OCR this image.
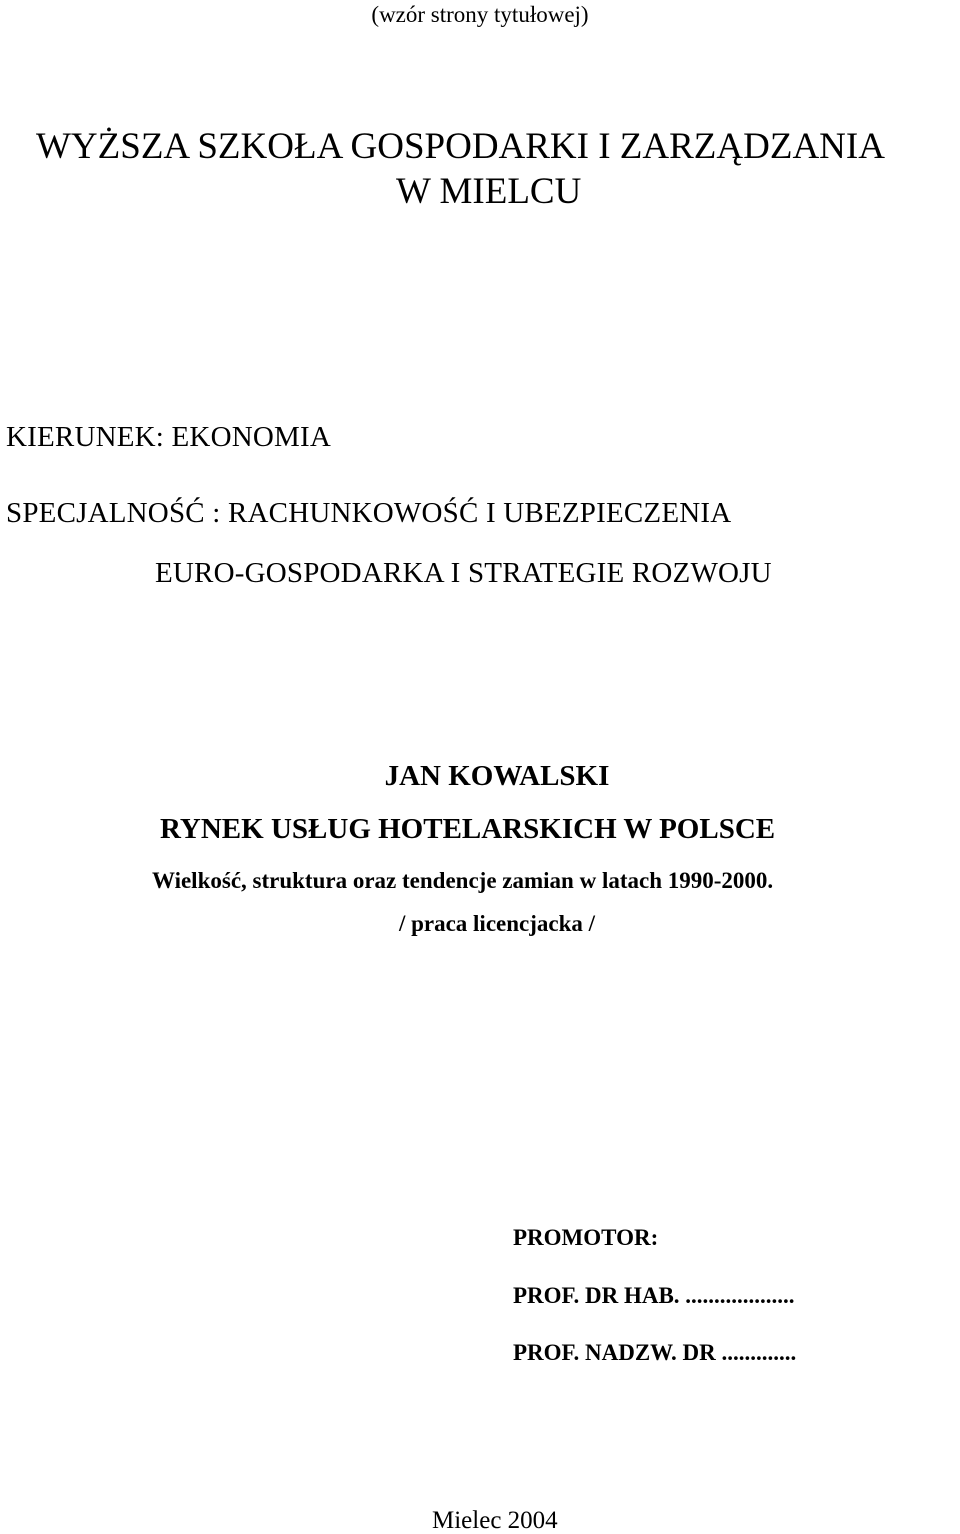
(wzór strony tytułowej)
WYŻSZA SZKOŁA GOSPODARKI I ZARZĄDZANIA
W MIELCU
KIERUNEK: EKONOMIA
SPECJALNOŚĆ : RACHUNKOWOŚĆ I UBEZPIECZENIA
EURO-GOSPODARKA I STRATEGIE ROZWOJU
JAN KOWALSKI
RYNEK USŁUG HOTELARSKICH W POLSCE
Wielkość, struktura oraz tendencje zamian w latach 1990-2000.
/ praca licencjacka /
PROMOTOR:
PROF. DR HAB. ...................
PROF. NADZW. DR .............
Mielec 2004
